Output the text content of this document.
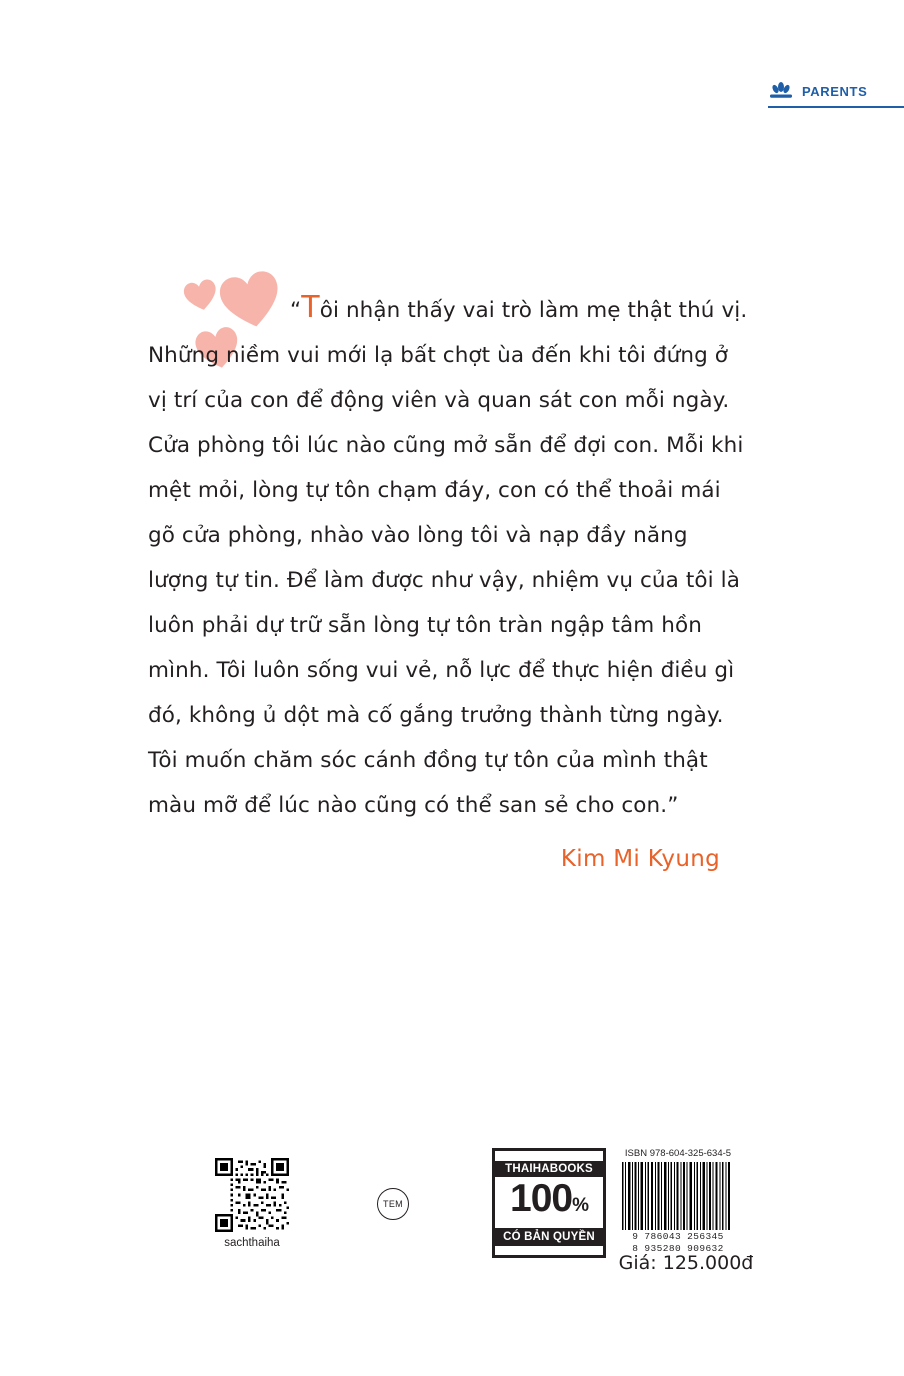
PARENTS
“Tôi nhận thấy vai trò làm mẹ thật thú vị. Những niềm vui mới lạ bất chợt ùa đến khi tôi đứng ở vị trí của con để động viên và quan sát con mỗi ngày. Cửa phòng tôi lúc nào cũng mở sẵn để đợi con. Mỗi khi mệt mỏi, lòng tự tôn chạm đáy, con có thể thoải mái gõ cửa phòng, nhào vào lòng tôi và nạp đầy năng lượng tự tin. Để làm được như vậy, nhiệm vụ của tôi là luôn phải dự trữ sẵn lòng tự tôn tràn ngập tâm hồn mình. Tôi luôn sống vui vẻ, nỗ lực để thực hiện điều gì đó, không ủ dột mà cố gắng trưởng thành từng ngày. Tôi muốn chăm sóc cánh đồng tự tôn của mình thật màu mỡ để lúc nào cũng có thể san sẻ cho con.”
Kim Mi Kyung
sachthaiha
TEM
THAIHABOOKS
100%
CÓ BẢN QUYỀN
ISBN 978-604-325-634-5
9 786043 256345
8 935280 909632
Giá: 125.000đ
